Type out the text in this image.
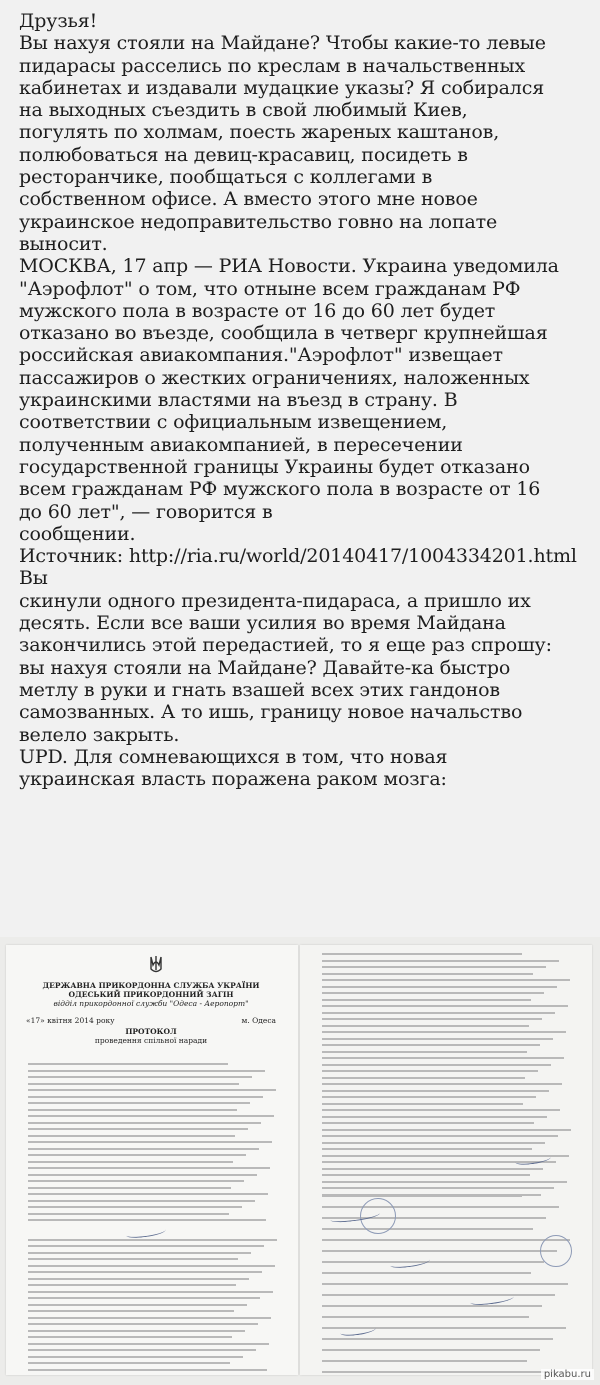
Друзья!
Вы нахуя стояли на Майдане? Чтобы какие-то левые
пидарасы расселись по креслам в начальственных
кабинетах и издавали мудацкие указы? Я собирался
на выходных съездить в свой любимый Киев,
погулять по холмам, поесть жареных каштанов,
полюбоваться на девиц-красавиц, посидеть в
ресторанчике, пообщаться с коллегами в
собственном офисе. А вместо этого мне новое
украинское недоправительство говно на лопате
выносит.
МОСКВА, 17 апр — РИА Новости. Украина уведомила
"Аэрофлот" о том, что отныне всем гражданам РФ
мужского пола в возрасте от 16 до 60 лет будет
отказано во въезде, сообщила в четверг крупнейшая
российская авиакомпания."Аэрофлот" извещает
пассажиров о жестких ограничениях, наложенных
украинскими властями на въезд в страну. В
соответствии с официальным извещением,
полученным авиакомпанией, в пересечении
государственной границы Украины будет отказано
всем гражданам РФ мужского пола в возрасте от 16
до 60 лет", — говорится в
сообщении.
Источник: http://ria.ru/world/20140417/1004334201.html
Вы
скинули одного президента-пидараса, а пришло их
десять. Если все ваши усилия во время Майдана
закончились этой передастией, то я еще раз спрошу:
вы нахуя стояли на Майдане? Давайте-ка быстро
метлу в руки и гнать взашей всех этих гандонов
самозванных. А то ишь, границу новое начальство
велело закрыть.
UPD. Для сомневающихся в том, что новая
украинская власть поражена раком мозга:
ДЕРЖАВНА ПРИКОРДОННА СЛУЖБА УКРАЇНИ
ОДЕСЬКИЙ ПРИКОРДОННИЙ ЗАГІН
відділ прикордонної служби "Одеса - Аеропорт"
«17» квітня 2014 року	м. Одеса
ПРОТОКОЛ
проведення спільної наради
pikabu.ru
